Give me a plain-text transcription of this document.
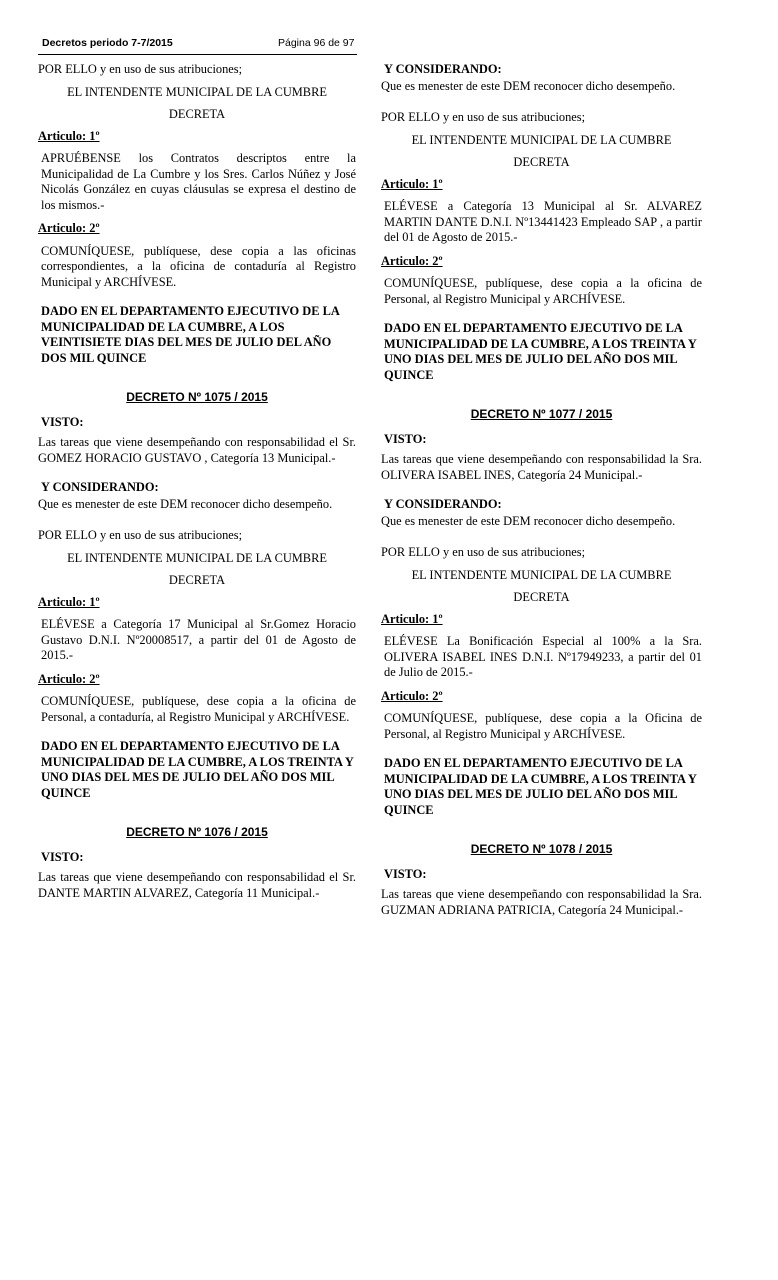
Decretos periodo 7-7/2015	Página 96 de 97

POR ELLO y en uso de sus atribuciones;

EL INTENDENTE MUNICIPAL DE LA CUMBRE

DECRETA

Articulo: 1º

APRUÉBENSE los Contratos descriptos entre la Municipalidad de La Cumbre y los Sres. Carlos Núñez y José Nicolás González en cuyas cláusulas se expresa el destino de los mismos.-

Articulo: 2º

COMUNÍQUESE, publíquese, dese copia a las oficinas correspondientes, a la oficina de contaduría al Registro Municipal y ARCHÍVESE.

DADO EN EL DEPARTAMENTO EJECUTIVO DE LA MUNICIPALIDAD DE LA CUMBRE, A LOS VEINTISIETE DIAS DEL MES DE JULIO DEL AÑO DOS MIL QUINCE

DECRETO Nº 1075 / 2015

VISTO:

Las tareas que viene desempeñando con responsabilidad el Sr. GOMEZ HORACIO GUSTAVO , Categoría 13 Municipal.-

Y CONSIDERANDO:

Que es menester de este DEM reconocer dicho desempeño.

POR ELLO y en uso de sus atribuciones;

EL INTENDENTE MUNICIPAL DE LA CUMBRE

DECRETA

Articulo: 1º

ELÉVESE a Categoría 17 Municipal al Sr.Gomez Horacio Gustavo D.N.I. Nº20008517, a partir del 01 de Agosto de 2015.-

Articulo: 2º

COMUNÍQUESE, publíquese, dese copia a la oficina de Personal, a contaduría, al Registro Municipal y ARCHÍVESE.

DADO EN EL DEPARTAMENTO EJECUTIVO DE LA MUNICIPALIDAD DE LA CUMBRE, A LOS TREINTA Y UNO DIAS DEL MES DE JULIO DEL AÑO DOS MIL QUINCE

DECRETO Nº 1076 / 2015

VISTO:

Las tareas que viene desempeñando con responsabilidad el Sr. DANTE MARTIN ALVAREZ, Categoría 11 Municipal.-

Y CONSIDERANDO:

Que es menester de este DEM reconocer dicho desempeño.

POR ELLO y en uso de sus atribuciones;

EL INTENDENTE MUNICIPAL DE LA CUMBRE

DECRETA

Articulo: 1º

ELÉVESE a Categoría 13 Municipal al Sr. ALVAREZ MARTIN DANTE D.N.I. Nº13441423 Empleado SAP , a partir del 01 de Agosto de 2015.-

Articulo: 2º

COMUNÍQUESE, publíquese, dese copia a la oficina de Personal, al Registro Municipal y ARCHÍVESE.

DADO EN EL DEPARTAMENTO EJECUTIVO DE LA MUNICIPALIDAD DE LA CUMBRE, A LOS TREINTA Y UNO DIAS DEL MES DE JULIO DEL AÑO DOS MIL QUINCE

DECRETO Nº 1077 / 2015

VISTO:

Las tareas que viene desempeñando con responsabilidad la Sra. OLIVERA ISABEL INES, Categoría 24 Municipal.-

Y CONSIDERANDO:

Que es menester de este DEM reconocer dicho desempeño.

POR ELLO y en uso de sus atribuciones;

EL INTENDENTE MUNICIPAL DE LA CUMBRE

DECRETA

Articulo: 1º

ELÉVESE La Bonificación Especial al 100% a la Sra. OLIVERA ISABEL INES D.N.I. Nº17949233, a partir del 01 de Julio de 2015.-

Articulo: 2º

COMUNÍQUESE, publíquese, dese copia a la Oficina de Personal, al Registro Municipal y ARCHÍVESE.

DADO EN EL DEPARTAMENTO EJECUTIVO DE LA MUNICIPALIDAD DE LA CUMBRE, A LOS TREINTA Y UNO DIAS DEL MES DE JULIO DEL AÑO DOS MIL QUINCE

DECRETO Nº 1078 / 2015

VISTO:

Las tareas que viene desempeñando con responsabilidad la Sra. GUZMAN ADRIANA PATRICIA, Categoría 24 Municipal.-
